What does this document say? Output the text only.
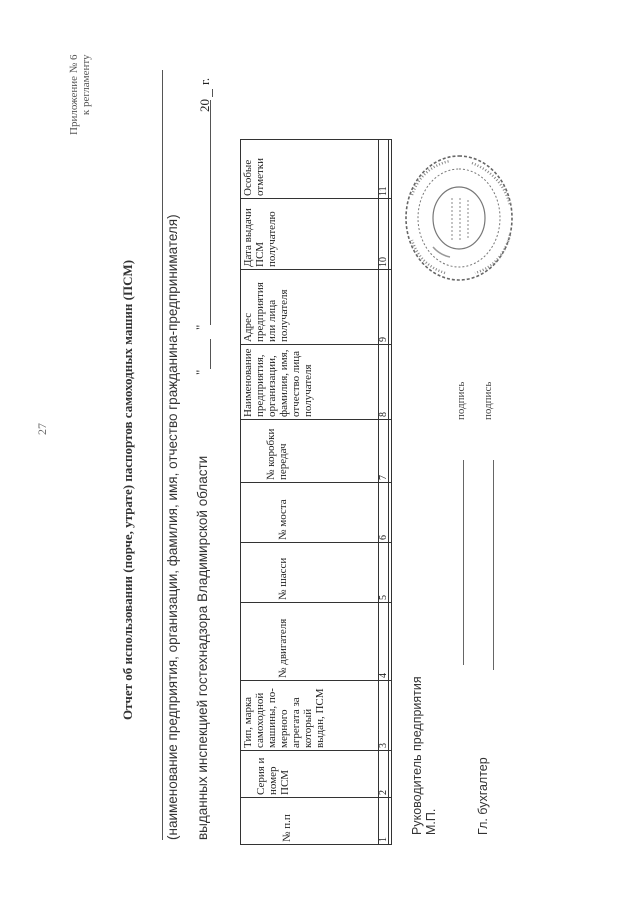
27
Приложение № 6 к регламенту
Отчет об использовании (порче, утрате) паспортов самоходных машин (ПСМ) (наименование предприятия, организации, фамилия, имя, отчество гражданина-предпринимателя) выданных инспекцией гостехнадзора Владимирской области
"
"
20
г.
№ п.п	Серия и номер ПСМ	Тип, марка самоходной машины, по-мерного агрегата за который выдан, ПСМ	№ двигателя	№ шасси	№ моста	№ коробки передач	Наименование предприятия, организации, фамилия, имя, отчество лица получателя	Адрес предприятия или лица получателя	Дата выдачи ПСМ получателю	Особые отметки
1	2	3	4	5	6	7	8	9	10	11

Руководитель предприятия М.П.
подпись
Гл. бухгалтер
подпись
